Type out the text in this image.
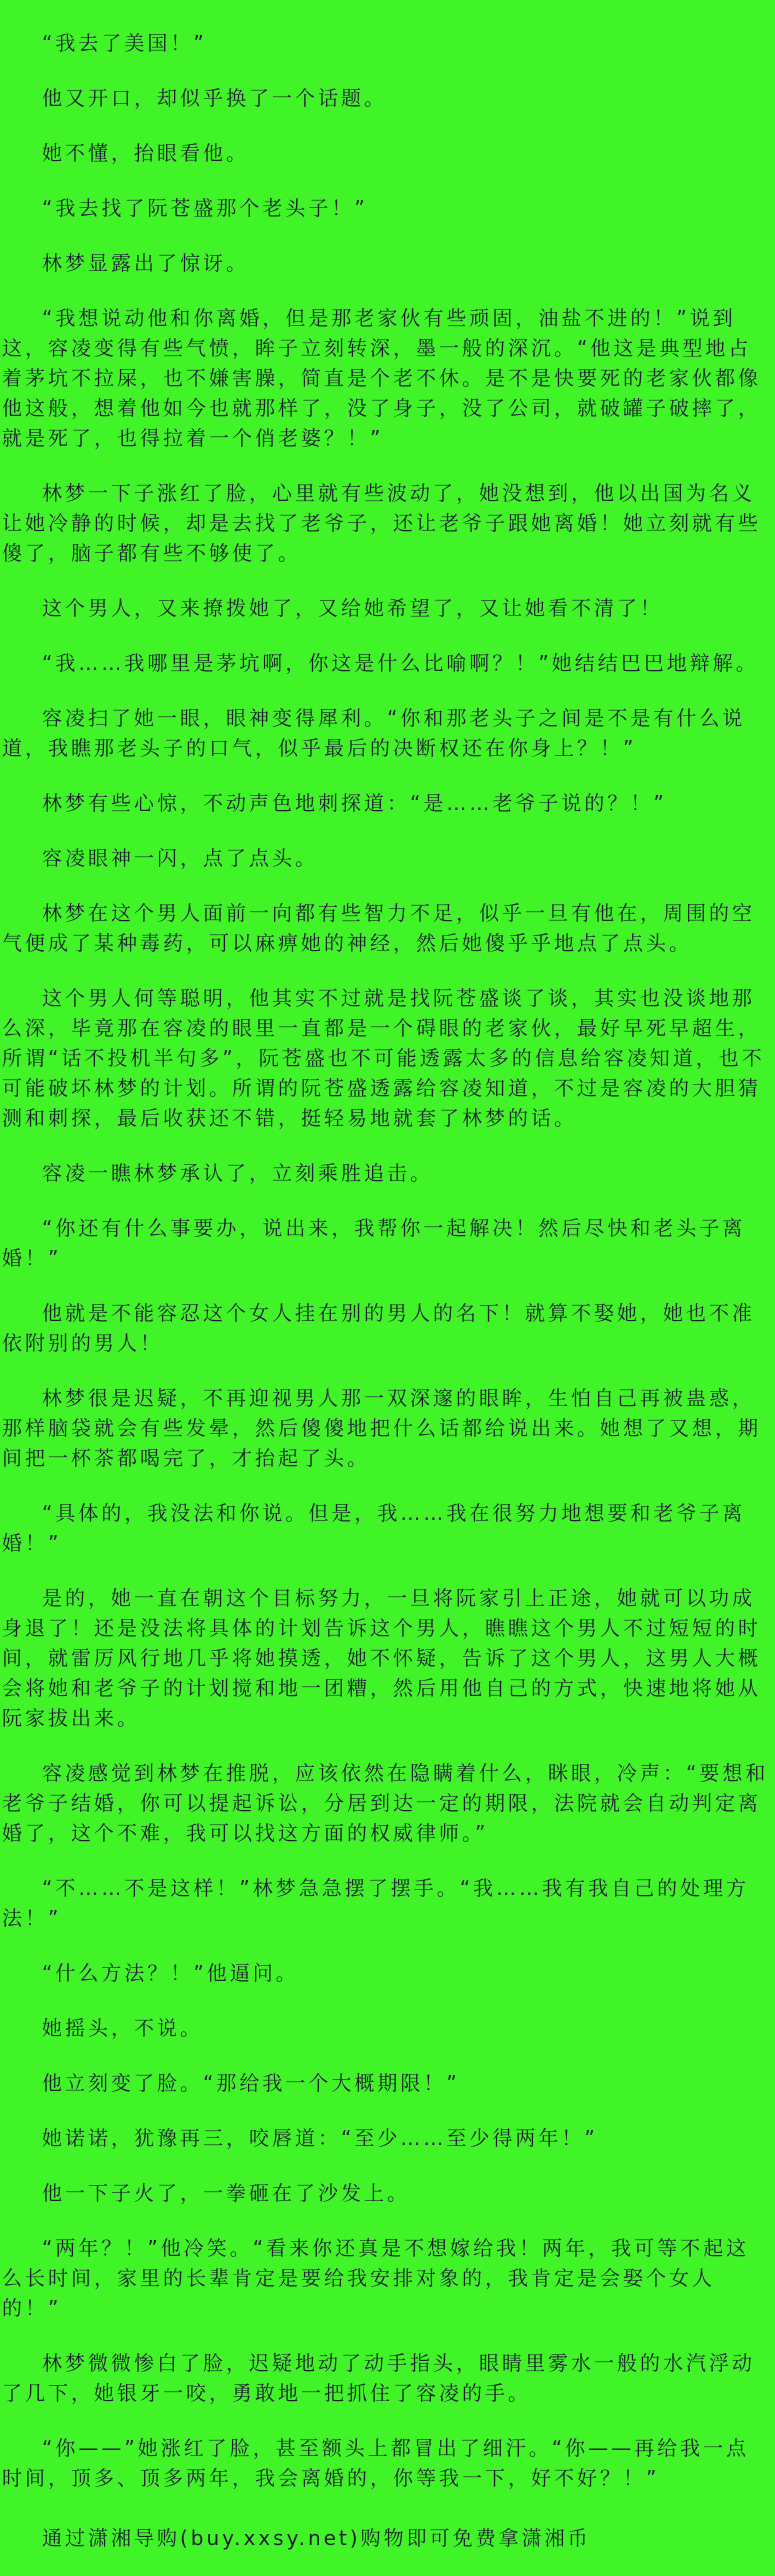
“我去了美国！”

他又开口，却似乎换了一个话题。

她不懂，抬眼看他。

“我去找了阮苍盛那个老头子！”

林梦显露出了惊讶。

“我想说动他和你离婚，但是那老家伙有些顽固，油盐不进的！”说到这，容凌变得有些气愤，眸子立刻转深，墨一般的深沉。“他这是典型地占着茅坑不拉屎，也不嫌害臊，简直是个老不休。是不是快要死的老家伙都像他这般，想着他如今也就那样了，没了身子，没了公司，就破罐子破摔了，就是死了，也得拉着一个俏老婆？！”

林梦一下子涨红了脸，心里就有些波动了，她没想到，他以出国为名义让她冷静的时候，却是去找了老爷子，还让老爷子跟她离婚！她立刻就有些傻了，脑子都有些不够使了。

这个男人，又来撩拨她了，又给她希望了，又让她看不清了！

“我……我哪里是茅坑啊，你这是什么比喻啊？！”她结结巴巴地辩解。

容凌扫了她一眼，眼神变得犀利。“你和那老头子之间是不是有什么说道，我瞧那老头子的口气，似乎最后的决断权还在你身上？！”

林梦有些心惊，不动声色地刺探道：“是……老爷子说的？！”

容凌眼神一闪，点了点头。

林梦在这个男人面前一向都有些智力不足，似乎一旦有他在，周围的空气便成了某种毒药，可以麻痹她的神经，然后她傻乎乎地点了点头。

这个男人何等聪明，他其实不过就是找阮苍盛谈了谈，其实也没谈地那么深，毕竟那在容凌的眼里一直都是一个碍眼的老家伙，最好早死早超生，所谓“话不投机半句多”，阮苍盛也不可能透露太多的信息给容凌知道，也不可能破坏林梦的计划。所谓的阮苍盛透露给容凌知道，不过是容凌的大胆猜测和刺探，最后收获还不错，挺轻易地就套了林梦的话。

容凌一瞧林梦承认了，立刻乘胜追击。

“你还有什么事要办，说出来，我帮你一起解决！然后尽快和老头子离婚！”

他就是不能容忍这个女人挂在别的男人的名下！就算不娶她，她也不准依附别的男人！

林梦很是迟疑，不再迎视男人那一双深邃的眼眸，生怕自己再被蛊惑，那样脑袋就会有些发晕，然后傻傻地把什么话都给说出来。她想了又想，期间把一杯茶都喝完了，才抬起了头。

“具体的，我没法和你说。但是，我……我在很努力地想要和老爷子离婚！”

是的，她一直在朝这个目标努力，一旦将阮家引上正途，她就可以功成身退了！还是没法将具体的计划告诉这个男人，瞧瞧这个男人不过短短的时间，就雷厉风行地几乎将她摸透，她不怀疑，告诉了这个男人，这男人大概会将她和老爷子的计划搅和地一团糟，然后用他自己的方式，快速地将她从阮家拔出来。

容凌感觉到林梦在推脱，应该依然在隐瞒着什么，眯眼，冷声：“要想和老爷子结婚，你可以提起诉讼，分居到达一定的期限，法院就会自动判定离婚了，这个不难，我可以找这方面的权威律师。”

“不……不是这样！”林梦急急摆了摆手。“我……我有我自己的处理方法！”

“什么方法？！”他逼问。

她摇头，不说。

他立刻变了脸。“那给我一个大概期限！”

她诺诺，犹豫再三，咬唇道：“至少……至少得两年！”

他一下子火了，一拳砸在了沙发上。

“两年？！”他冷笑。“看来你还真是不想嫁给我！两年，我可等不起这么长时间，家里的长辈肯定是要给我安排对象的，我肯定是会娶个女人的！”

林梦微微惨白了脸，迟疑地动了动手指头，眼睛里雾水一般的水汽浮动了几下，她银牙一咬，勇敢地一把抓住了容凌的手。

“你——”她涨红了脸，甚至额头上都冒出了细汗。“你——再给我一点时间，顶多、顶多两年，我会离婚的，你等我一下，好不好？！”

通过潇湘导购(buy.xxsy.net)购物即可免费拿潇湘币
